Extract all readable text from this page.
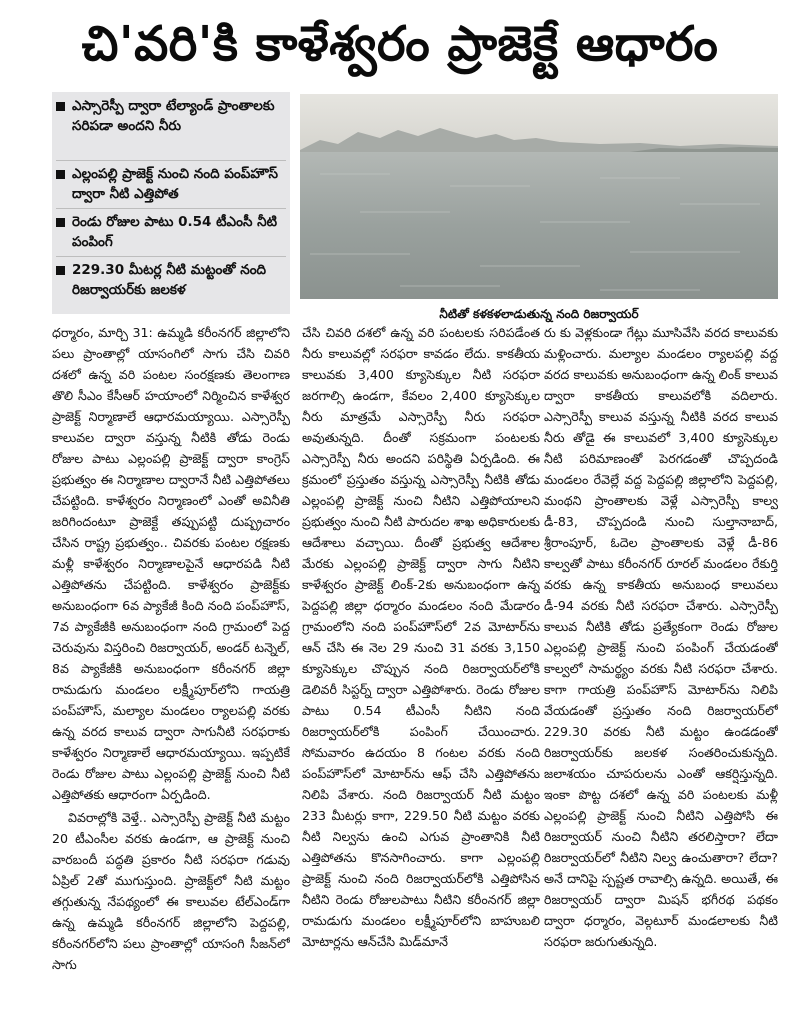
చి'వరి'కి కాళేశ్వరం ప్రాజెక్టే ఆధారం
ఎస్సారెస్పీ ద్వారా టేల్యాండ్ ప్రాంతాలకు సరిపడా అందని నీరు
ఎల్లంపల్లి ప్రాజెక్ట్ నుంచి నంది పంప్‌హౌస్ ద్వారా నీటి ఎత్తిపోత
రెండు రోజుల పాటు 0.54 టీఎంసీ నీటి పంపింగ్
229.30 మీటర్ల నీటి మట్టంతో నంది రిజర్వాయర్‌కు జలకళ
నీటితో కళకళలాడుతున్న నంది రిజర్వాయర్

ధర్మారం, మార్చి 31: ఉమ్మడి కరీంనగర్ జిల్లాలోని పలు ప్రాంతాల్లో యాసంగిలో సాగు చేసి చివరి దశలో ఉన్న వరి పంటల సంరక్షణకు తెలంగాణ తొలి సీఎం కేసీఆర్ హయాంలో నిర్మించిన కాళేశ్వర ప్రాజెక్ట్ నిర్మాణాలే ఆధారమయ్యాయి. ఎస్సారెస్పీ కాలువల ద్వారా వస్తున్న నీటికి తోడు రెండు రోజుల పాటు ఎల్లంపల్లి ప్రాజెక్ట్ ద్వారా కాంగ్రెస్ ప్రభుత్వం ఈ నిర్మాణాల ద్వారానే నీటి ఎత్తిపోతలు చేపట్టింది. కాళేశ్వరం నిర్మాణంలో ఎంతో అవినీతి జరిగిందంటూ ప్రాజెక్టే తప్పుపట్టి దుష్ప్రచారం చేసిన రాష్ట్ర ప్రభుత్వం.. చివరకు పంటల రక్షణకు మళ్లీ కాళేశ్వరం నిర్మాణాలపైనే ఆధారపడి నీటి ఎత్తిపోతను చేపట్టింది. కాళేశ్వరం ప్రాజెక్ట్‌కు అనుబంధంగా 6వ ప్యాకేజీ కింది నంది పంప్‌హౌస్, 7వ ప్యాకేజీకి అనుబంధంగా నంది గ్రామంలో పెద్ద చెరువును విస్తరించి రిజర్వాయర్, అండర్ టన్నెల్, 8వ ప్యాకేజీకి అనుబంధంగా కరీంనగర్ జిల్లా రామడుగు మండలం లక్ష్మీపూర్‌లోని గాయత్రి పంప్‌హౌస్, మల్యాల మండలం ర్యాలపల్లి వరకు ఉన్న వరద కాలువ ద్వారా సాగునీటి సరఫరాకు కాళేశ్వరం నిర్మాణాలే ఆధారమయ్యాయి. ఇప్పటికే రెండు రోజుల పాటు ఎల్లంపల్లి ప్రాజెక్ట్ నుంచి నీటి ఎత్తిపోతకు ఆధారంగా ఏర్పడింది.

వివరాల్లోకి వెళ్తే.. ఎస్సారెస్పీ ప్రాజెక్ట్ నీటి మట్టం 20 టీఎంసీల వరకు ఉండగా, ఆ ప్రాజెక్ట్ నుంచి వారబందీ పద్ధతి ప్రకారం నీటి సరఫరా గడువు ఏప్రిల్ 2తో ముగుస్తుంది. ప్రాజెక్ట్‌లో నీటి మట్టం తగ్గుతున్న నేపథ్యంలో ఈ కాలువల టేల్‌ఎండ్‌గా ఉన్న ఉమ్మడి కరీంనగర్ జిల్లాలోని పెద్దపల్లి, కరీంనగర్‌లోని పలు ప్రాంతాల్లో యాసంగి సీజన్‌లో సాగు

చేసి చివరి దశలో ఉన్న వరి పంటలకు సరిపడేంత నీరు కాలువల్లో సరఫరా కావడం లేదు. కాకతీయ కాలువకు 3,400 క్యూసెక్కుల నీటి సరఫరా జరగాల్సి ఉండగా, కేవలం 2,400 క్యూసెక్కుల నీరు మాత్రమే ఎస్సారెస్పీ నీరు సరఫరా అవుతున్నది. దీంతో సక్రమంగా పంటలకు ఎస్సారెస్పీ నీరు అందని పరిస్థితి ఏర్పడింది. ఈ క్రమంలో ప్రస్తుతం వస్తున్న ఎస్సారెస్పీ నీటికి తోడు ఎల్లంపల్లి ప్రాజెక్ట్ నుంచి నీటిని ఎత్తిపోయాలని ప్రభుత్వం నుంచి నీటి పారుదల శాఖ అధికారులకు ఆదేశాలు వచ్చాయి. దీంతో ప్రభుత్వ ఆదేశాల మేరకు ఎల్లంపల్లి ప్రాజెక్ట్ ద్వారా సాగు నీటిని కాళేశ్వరం ప్రాజెక్ట్ లింక్-2కు అనుబంధంగా ఉన్న పెద్దపల్లి జిల్లా ధర్మారం మండలం నంది మేడారం గ్రామంలోని నంది పంప్‌హౌస్‌లో 2వ మోటార్‌ను ఆన్ చేసి ఈ నెల 29 నుంచి 31 వరకు 3,150 క్యూసెక్కుల చొప్పున నంది రిజర్వాయర్‌లోకి డెలివరీ సిస్టర్న్ ద్వారా ఎత్తిపోశారు. రెండు రోజుల పాటు 0.54 టీఎంసీ నీటిని నంది రిజర్వాయర్‌లోకి పంపింగ్ చేయించారు. సోమవారం ఉదయం 8 గంటల వరకు నంది పంప్‌హౌస్‌లో మోటార్‌ను ఆఫ్ చేసి ఎత్తిపోతను నిలిపి వేశారు. నంది రిజర్వాయర్ నీటి మట్టం 233 మీటర్లు కాగా, 229.50 నీటి మట్టం వరకు నీటి నిల్వను ఉంచి ఎగువ ప్రాంతానికి నీటి ఎత్తిపోతను కొనసాగించారు. కాగా ఎల్లంపల్లి ప్రాజెక్ట్ నుంచి నంది రిజర్వాయర్‌లోకి ఎత్తిపోసిన నీటిని రెండు రోజులపాటు నీటిని కరీంనగర్ జిల్లా రామడుగు మండలం లక్ష్మీపూర్‌లోని బాహుబలి మోటార్లను ఆన్‌చేసి మిడ్‌మానే

రు కు వెళ్లకుండా గేట్లు మూసివేసి వరద కాలువకు మళ్లించారు. మల్యాల మండలం ర్యాలపల్లి వద్ద వరద కాలువకు అనుబంధంగా ఉన్న లింక్ కాలువ ద్వారా కాకతీయ కాలువలోకి వదిలారు. ఎస్సారెస్పీ కాలువ వస్తున్న నీటికి వరద కాలువ నీరు తోడై ఈ కాలువలో 3,400 క్యూసెక్కుల నీటి పరిమాణంతో పెరగడంతో చొప్పదండి మండలం రేవెల్లే వద్ద పెద్దపల్లి జిల్లాలోని పెద్దపల్లి, మంథని ప్రాంతాలకు వెళ్లే ఎస్సారెస్పీ కాల్వ డీ-83, చొప్పదండి నుంచి సుల్తానాబాద్, శ్రీరాంపూర్, ఓదెల ప్రాంతాలకు వెళ్లే డీ-86 కాల్వతో పాటు కరీంనగర్ రూరల్ మండలం రేకుర్తి వరకు ఉన్న కాకతీయ అనుబంధ కాలువలు డీ-94 వరకు నీటి సరఫరా చేశారు. ఎస్సారెస్పీ కాలువ నీటికి తోడు ప్రత్యేకంగా రెండు రోజుల ఎల్లంపల్లి ప్రాజెక్ట్ నుంచి పంపింగ్ చేయడంతో కాల్వలో సామర్థ్యం వరకు నీటి సరఫరా చేశారు. కాగా గాయత్రి పంప్‌హౌస్ మోటార్‌ను నిలిపి వేయడంతో ప్రస్తుతం నంది రిజర్వాయర్‌లో 229.30 వరకు నీటి మట్టం ఉండడంతో రిజర్వాయర్‌కు జలకళ సంతరించుకున్నది. జలాశయం చూపరులను ఎంతో ఆకర్షిస్తున్నది. ఇంకా పొట్ట దశలో ఉన్న వరి పంటలకు మళ్లీ ఎల్లంపల్లి ప్రాజెక్ట్ నుంచి నీటిని ఎత్తిపోసి ఈ రిజర్వాయర్ నుంచి నీటిని తరలిస్తారా? లేదా రిజర్వాయర్‌లో నీటిని నిల్వ ఉంచుతారా? లేదా? అనే దానిపై స్పష్టత రావాల్సి ఉన్నది. అయితే, ఈ రిజర్వాయర్ ద్వారా మిషన్ భగీరథ పథకం ద్వారా ధర్మారం, వెల్గటూర్ మండలాలకు నీటి సరఫరా జరుగుతున్నది.
